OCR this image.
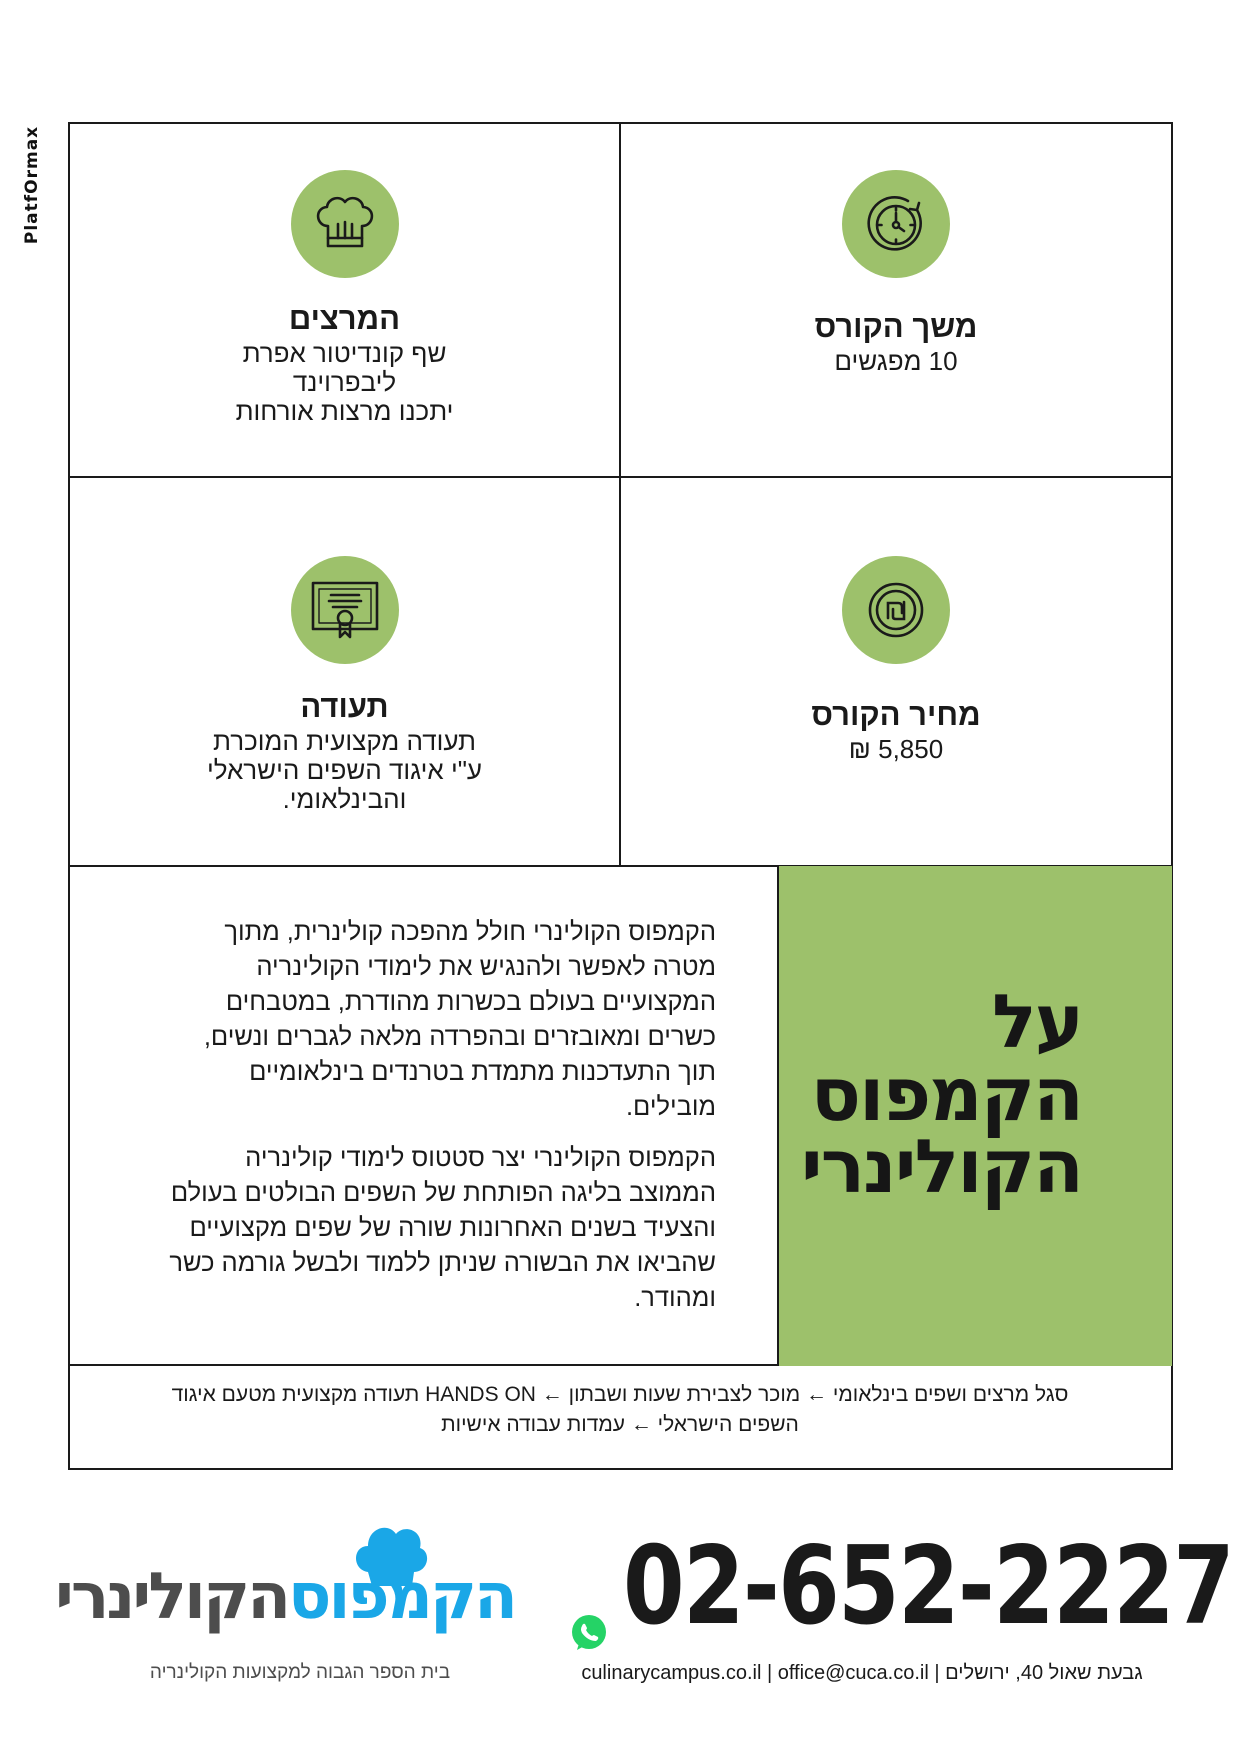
PlatfOrmax
משך הקורס

10 מפגשים

המרצים

שף קונדיטור אפרת

ליבפרוינד

יתכנו מרצות אורחות

מחיר הקורס

5,850 ₪

תעודה

תעודה מקצועית המוכרת

ע"י איגוד השפים הישראלי

והבינלאומי.

על
הקמפוס
הקולינרי

הקמפוס הקולינרי חולל מהפכה קולינרית, מתוך
מטרה לאפשר ולהנגיש את לימודי הקולינריה
המקצועיים בעולם בכשרות מהודרת, במטבחים
כשרים ומאובזרים ובהפרדה מלאה לגברים ונשים,
תוך התעדכנות מתמדת בטרנדים בינלאומיים
מובילים.

הקמפוס הקולינרי יצר סטטוס לימודי קולינריה
הממוצב בליגה הפותחת של השפים הבולטים בעולם
והצעיד בשנים האחרונות שורה של שפים מקצועיים
שהביאו את הבשורה שניתן ללמוד ולבשל גורמה כשר
ומהודר.

סגל מרצים ושפים בינלאומי ← מוכר לצבירת שעות ושבתון ← HANDS ON תעודה מקצועית מטעם איגוד
השפים הישראלי ← עמדות עבודה אישיות
הקמפוסהקולינרי
בית הספר הגבוה למקצועות הקולינריה
02-652-2227
culinarycampus.co.il | office@cuca.co.il | גבעת שאול 40, ירושלים
